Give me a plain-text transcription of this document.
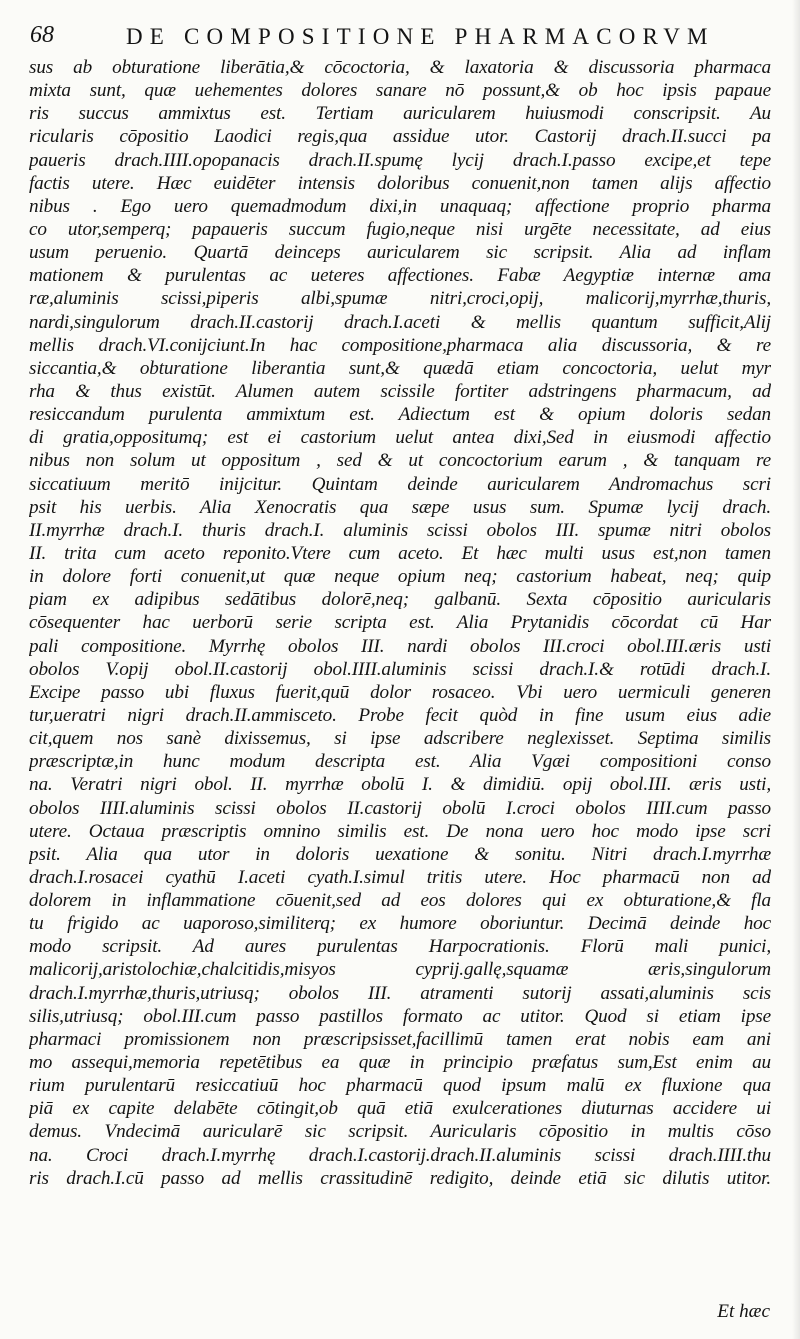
68	DE COMPOSITIONE PHARMACORVM
sus ab obturatione liberātia,& cōcoctoria, & laxatoria & discussoria pharmaca
mixta sunt, quæ uehementes dolores sanare nō possunt,& ob hoc ipsis papaue
ris succus ammixtus est. Tertiam auricularem huiusmodi conscripsit. Au
ricularis cōpositio Laodici regis,qua assidue utor. Castorij drach.II.succi pa
paueris drach.IIII.opopanacis drach.II.spumę lycij drach.I.passo excipe,et tepe
factis utere. Hæc euidēter intensis doloribus conuenit,non tamen alijs affectio
nibus . Ego uero quemadmodum dixi,in unaquaq; affectione proprio pharma
co utor,semperq; papaueris succum fugio,neque nisi urgēte necessitate, ad eius
usum peruenio. Quartā deinceps auricularem sic scripsit. Alia ad inflam
mationem & purulentas ac ueteres affectiones. Fabæ Aegyptiæ internæ ama
ræ,aluminis scissi,piperis albi,spumæ nitri,croci,opij, malicorij,myrrhæ,thuris,
nardi,singulorum drach.II.castorij drach.I.aceti & mellis quantum sufficit,Alij
mellis drach.VI.conijciunt.In hac compositione,pharmaca alia discussoria, & re
siccantia,& obturatione liberantia sunt,& quædā etiam concoctoria, uelut myr
rha & thus existūt. Alumen autem scissile fortiter adstringens pharmacum, ad
resiccandum purulenta ammixtum est. Adiectum est & opium doloris sedan
di gratia,oppositumq; est ei castorium uelut antea dixi,Sed in eiusmodi affectio
nibus non solum ut oppositum , sed & ut concoctorium earum , & tanquam re
siccatiuum meritō inijcitur. Quintam deinde auricularem Andromachus scri
psit his uerbis. Alia Xenocratis qua sæpe usus sum. Spumæ lycij drach.
II.myrrhæ drach.I. thuris drach.I. aluminis scissi obolos III. spumæ nitri obolos
II. trita cum aceto reponito.Vtere cum aceto. Et hæc multi usus est,non tamen
in dolore forti conuenit,ut quæ neque opium neq; castorium habeat, neq; quip
piam ex adipibus sedātibus dolorē,neq; galbanū. Sexta cōpositio auricularis
cōsequenter hac uerborū serie scripta est. Alia Prytanidis cōcordat cū Har
pali compositione. Myrrhę obolos III. nardi obolos III.croci obol.III.æris usti
obolos V.opij obol.II.castorij obol.IIII.aluminis scissi drach.I.& rotūdi drach.I.
Excipe passo ubi fluxus fuerit,quū dolor rosaceo. Vbi uero uermiculi generen
tur,ueratri nigri drach.II.ammisceto. Probe fecit quòd in fine usum eius adie
cit,quem nos sanè dixissemus, si ipse adscribere neglexisset. Septima similis
præscriptæ,in hunc modum descripta est. Alia Vgæi compositioni conso
na. Veratri nigri obol. II. myrrhæ obolū I. & dimidiū. opij obol.III. æris usti,
obolos IIII.aluminis scissi obolos II.castorij obolū I.croci obolos IIII.cum passo
utere. Octaua præscriptis omnino similis est. De nona uero hoc modo ipse scri
psit. Alia qua utor in doloris uexatione & sonitu. Nitri drach.I.myrrhæ
drach.I.rosacei cyathū I.aceti cyath.I.simul tritis utere. Hoc pharmacū non ad
dolorem in inflammatione cōuenit,sed ad eos dolores qui ex obturatione,& fla
tu frigido ac uaporoso,similiterq; ex humore oboriuntur. Decimā deinde hoc
modo scripsit. Ad aures purulentas Harpocrationis. Florū mali punici,
malicorij,aristolochiæ,chalcitidis,misyos cyprij.gallę,squamæ æris,singulorum
drach.I.myrrhæ,thuris,utriusq; obolos III. atramenti sutorij assati,aluminis scis
silis,utriusq; obol.III.cum passo pastillos formato ac utitor. Quod si etiam ipse
pharmaci promissionem non præscripsisset,facillimū tamen erat nobis eam ani
mo assequi,memoria repetētibus ea quæ in principio præfatus sum,Est enim au
rium purulentarū resiccatiuū hoc pharmacū quod ipsum malū ex fluxione qua
piā ex capite delabēte cōtingit,ob quā etiā exulcerationes diuturnas accidere ui
demus. Vndecimā auricularē sic scripsit. Auricularis cōpositio in multis cōso
na. Croci drach.I.myrrhę drach.I.castorij.drach.II.aluminis scissi drach.IIII.thu
ris drach.I.cū passo ad mellis crassitudinē redigito, deinde etiā sic dilutis utitor.
Et hæc
